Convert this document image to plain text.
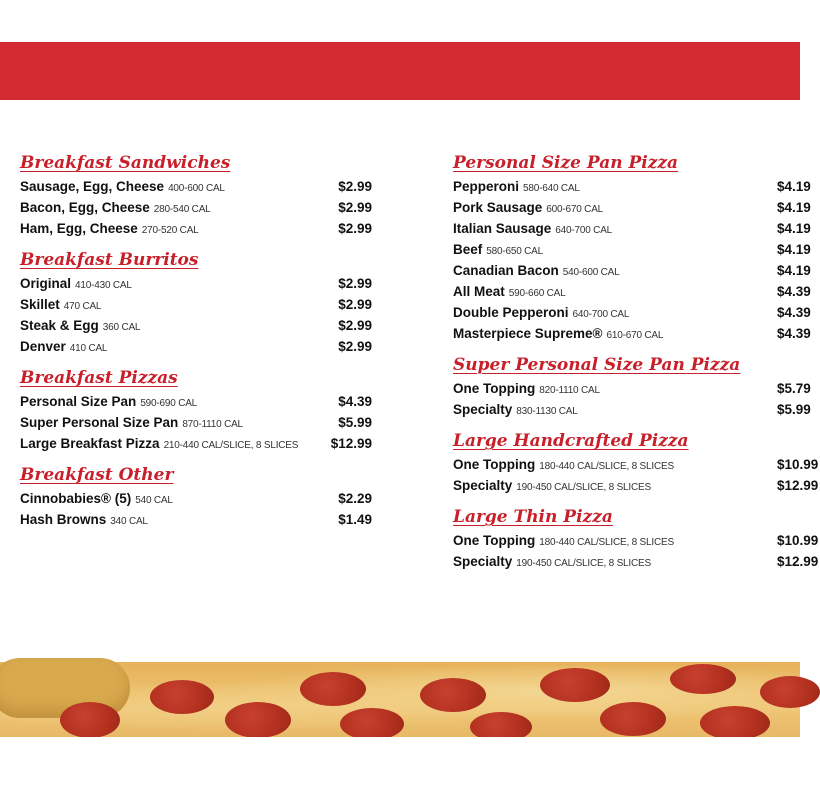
Breakfast Sandwiches
Sausage, Egg, Cheese 400-600 CAL	$2.99
Bacon, Egg, Cheese 280-540 CAL	$2.99
Ham, Egg, Cheese 270-520 CAL	$2.99
Breakfast Burritos
Original 410-430 CAL	$2.99
Skillet 470 CAL	$2.99
Steak & Egg 360 CAL	$2.99
Denver 410 CAL	$2.99
Breakfast Pizzas
Personal Size Pan 590-690 CAL	$4.39
Super Personal Size Pan 870-1110 CAL	$5.99
Large Breakfast Pizza 210-440 CAL/SLICE, 8 SLICES $12.99
Breakfast Other
Cinnobabies® (5) 540 CAL	$2.29
Hash Browns 340 CAL	$1.49
Personal Size Pan Pizza
Pepperoni 580-640 CAL	$4.19
Pork Sausage 600-670 CAL	$4.19
Italian Sausage 640-700 CAL	$4.19
Beef 580-650 CAL	$4.19
Canadian Bacon 540-600 CAL	$4.19
All Meat 590-660 CAL	$4.39
Double Pepperoni 640-700 CAL	$4.39
Masterpiece Supreme® 610-670 CAL	$4.39
Super Personal Size Pan Pizza
One Topping 820-1110 CAL	$5.79
Specialty 830-1130 CAL	$5.99
Large Handcrafted Pizza
One Topping 180-440 CAL/SLICE, 8 SLICES	$10.99
Specialty 190-450 CAL/SLICE, 8 SLICES	$12.99
Large Thin Pizza
One Topping 180-440 CAL/SLICE, 8 SLICES	$10.99
Specialty 190-450 CAL/SLICE, 8 SLICES	$12.99
